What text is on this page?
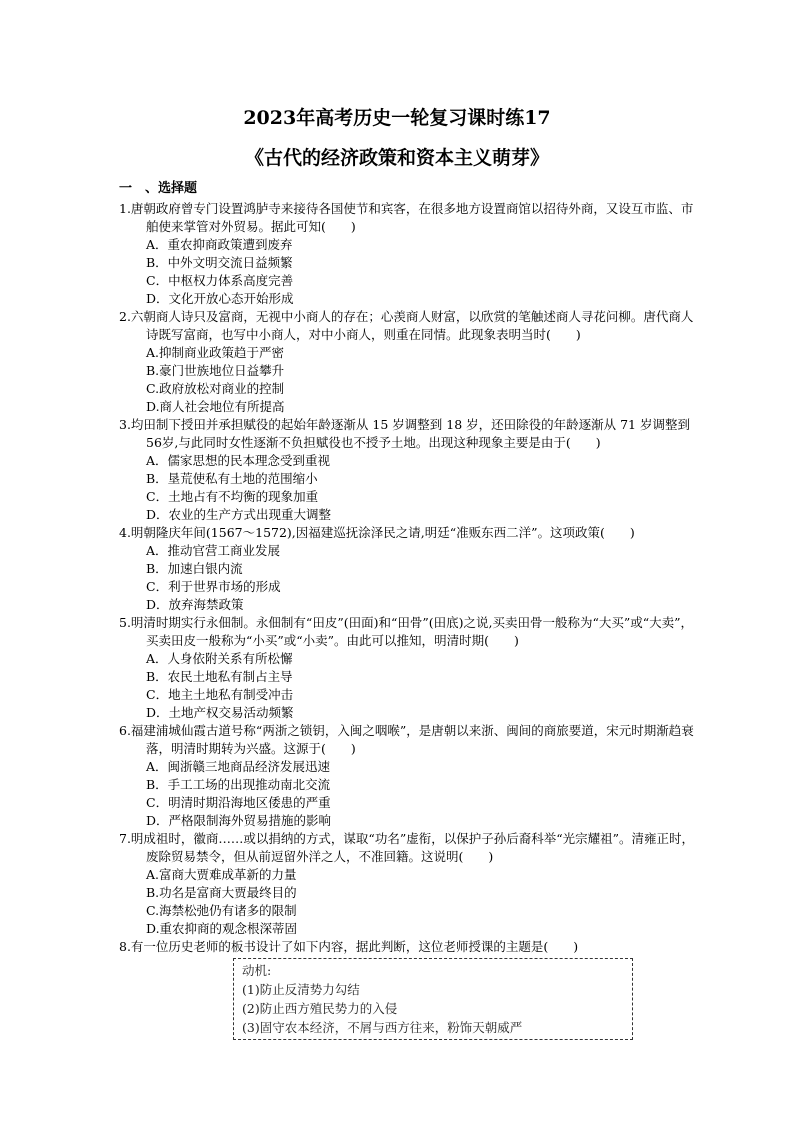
2023年高考历史一轮复习课时练17
《古代的经济政策和资本主义萌芽》
一　、选择题
1.唐朝政府曾专门设置鸿胪寺来接待各国使节和宾客，在很多地方设置商馆以招待外商，又设互市监、市舶使来掌管对外贸易。据此可知(　　)
A．重农抑商政策遭到废弃
B．中外文明交流日益频繁
C．中枢权力体系高度完善
D．文化开放心态开始形成
2.六朝商人诗只及富商，无视中小商人的存在；心羡商人财富，以欣赏的笔触述商人寻花问柳。唐代商人诗既写富商，也写中小商人，对中小商人，则重在同情。此现象表明当时(　　)
A.抑制商业政策趋于严密
B.豪门世族地位日益攀升
C.政府放松对商业的控制
D.商人社会地位有所提高
3.均田制下授田并承担赋役的起始年龄逐渐从 15 岁调整到 18 岁，还田除役的年龄逐渐从 71 岁调整到 56岁,与此同时女性逐渐不负担赋役也不授予土地。出现这种现象主要是由于(　　)
A．儒家思想的民本理念受到重视
B．垦荒使私有土地的范围缩小
C．土地占有不均衡的现象加重
D．农业的生产方式出现重大调整
4.明朝隆庆年间(1567～1572),因福建巡抚涂泽民之请,明廷“准贩东西二洋”。这项政策(　　)
A．推动官营工商业发展
B．加速白银内流
C．利于世界市场的形成
D．放弃海禁政策
5.明清时期实行永佃制。永佃制有“田皮”(田面)和“田骨”(田底)之说,买卖田骨一般称为“大买”或“大卖”，买卖田皮一般称为“小买”或“小卖”。由此可以推知，明清时期(　　)
A．人身依附关系有所松懈
B．农民土地私有制占主导
C．地主土地私有制受冲击
D．土地产权交易活动频繁
6.福建浦城仙霞古道号称“两浙之锁钥，入闽之咽喉”，是唐朝以来浙、闽间的商旅要道，宋元时期渐趋衰落，明清时期转为兴盛。这源于(　　)
A．闽浙赣三地商品经济发展迅速
B．手工工场的出现推动南北交流
C．明清时期沿海地区倭患的严重
D．严格限制海外贸易措施的影响
7.明成祖时，徽商……或以捐纳的方式，谋取“功名”虚衔，以保护子孙后裔科举“光宗耀祖”。清雍正时，废除贸易禁令，但从前逗留外洋之人，不准回籍。这说明(　　)
A.富商大贾难成革新的力量
B.功名是富商大贾最终目的
C.海禁松弛仍有诸多的限制
D.重农抑商的观念根深蒂固
8.有一位历史老师的板书设计了如下内容，据此判断，这位老师授课的主题是(　　)
动机:
(1)防止反清势力勾结
(2)防止西方殖民势力的入侵
(3)固守农本经济，不屑与西方往来，粉饰天朝威严
